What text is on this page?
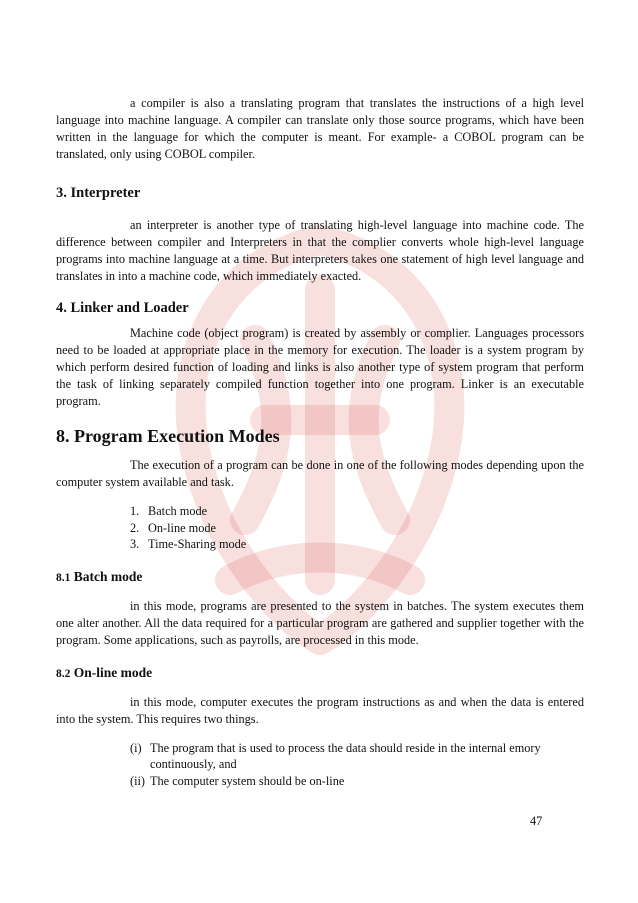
a compiler is also a translating program that translates the instructions of a high level language into machine language. A compiler can translate only those source programs, which have been written in the language for which the computer is meant. For example- a COBOL program can be translated, only using COBOL compiler.

3. Interpreter

an interpreter is another type of translating high-level language into machine code. The difference between compiler and Interpreters in that the complier converts whole high-level language programs into machine language at a time. But interpreters takes one statement of high level language and translates in into a machine code, which immediately exacted.

4. Linker and Loader

Machine code (object program) is created by assembly or complier. Languages processors need to be loaded at appropriate place in the memory for execution. The loader is a system program by which perform desired function of loading and links is also another type of system program that perform the task of linking separately compiled function together into one program. Linker is an executable program.

8. Program Execution Modes

The execution of a program can be done in one of the following modes depending upon the computer system available and task.

1. Batch mode
2. On-line mode
3. Time-Sharing mode
8.1 Batch mode

in this mode, programs are presented to the system in batches. The system executes them one alter another. All the data required for a particular program are gathered and supplier together with the program. Some applications, such as payrolls, are processed in this mode.

8.2 On-line mode

in this mode, computer executes the program instructions as and when the data is entered into the system. This requires two things.

(i) The program that is used to process the data should reside in the internal emory continuously, and
(ii) The computer system should be on-line
47
